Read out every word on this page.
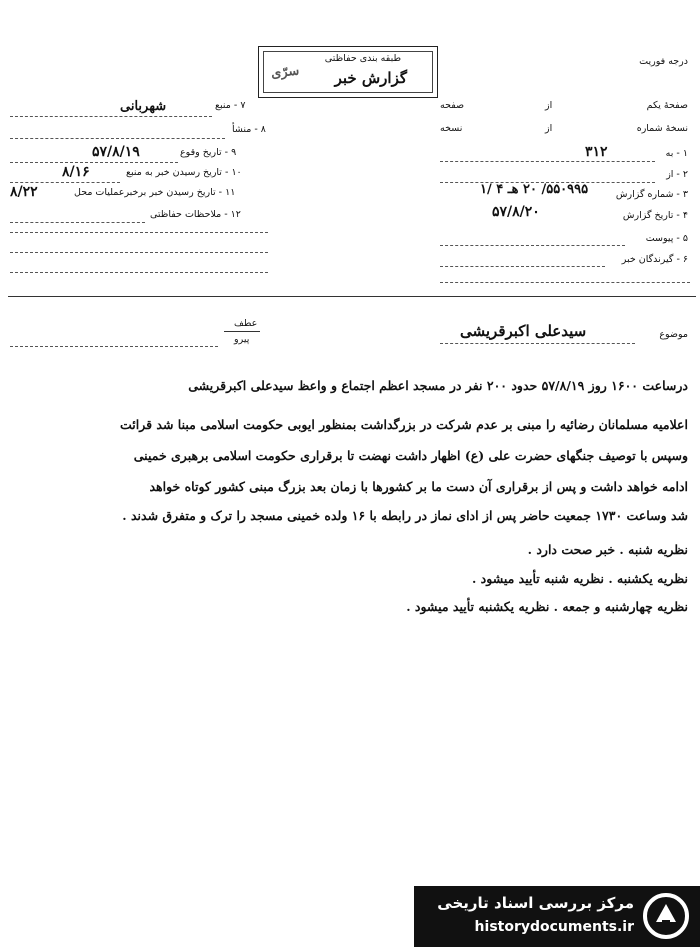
درجه فوریت
طبقه بندی حفاظتی
گزارش خبر
سرّی
۷ - منبع
شهربانی
۸ - منشأ
۹ - تاریخ وقوع
۵۷/۸/۱۹
۱۰ - تاریخ رسیدن خبر به منبع
۸/۱۶
۱۱ - تاریخ رسیدن خبر برخبرعملیات محل
۸/۲۲
۱۲ - ملاحظات حفاظتی
صفحهٔ یکم
از
صفحه
نسخهٔ شماره
از
نسخه
۱ - به
۳۱۲
۲ - از
۳ - شماره گزارش
۵۵۰۹۹۵/ ۲۰ هـ ۴ /۱
۴ - تاریخ گزارش
۵۷/۸/۲۰
۵ - پیوست
۶ - گیرندگان خبر
موضوع
سیدعلی اکبرقریشی
عطف
پیرو
درساعت ۱۶۰۰ روز ۵۷/۸/۱۹ حدود ۲۰۰ نفر در مسجد اعظم اجتماع و واعظ سیدعلی اکبرقریشی
اعلامیه مسلمانان رضائیه را مبنی بر عدم شرکت در بزرگداشت بمنظور ایوبی حکومت اسلامی مبنا شد قرائت
وسپس با توصیف جنگهای حضرت علی (ع) اظهار داشت نهضت تا برقراری حکومت اسلامی برهبری خمینی
ادامه خواهد داشت و پس از برقراری آن دست ما بر کشورها با زمان بعد بزرگ مبنی کشور کوتاه خواهد
شد وساعت ۱۷۳۰ جمعیت حاضر پس از ادای نماز در رابطه با ۱۶ ولده خمینی مسجد را ترک و متفرق شدند .
نظریه شنبه . خبر صحت دارد .
نظریه یکشنبه . نظریه شنبه تأیید میشود .
نظریه چهارشنبه و جمعه . نظریه یکشنبه تأیید میشود .
مرکز بررسی اسناد تاریخی
historydocuments.ir
